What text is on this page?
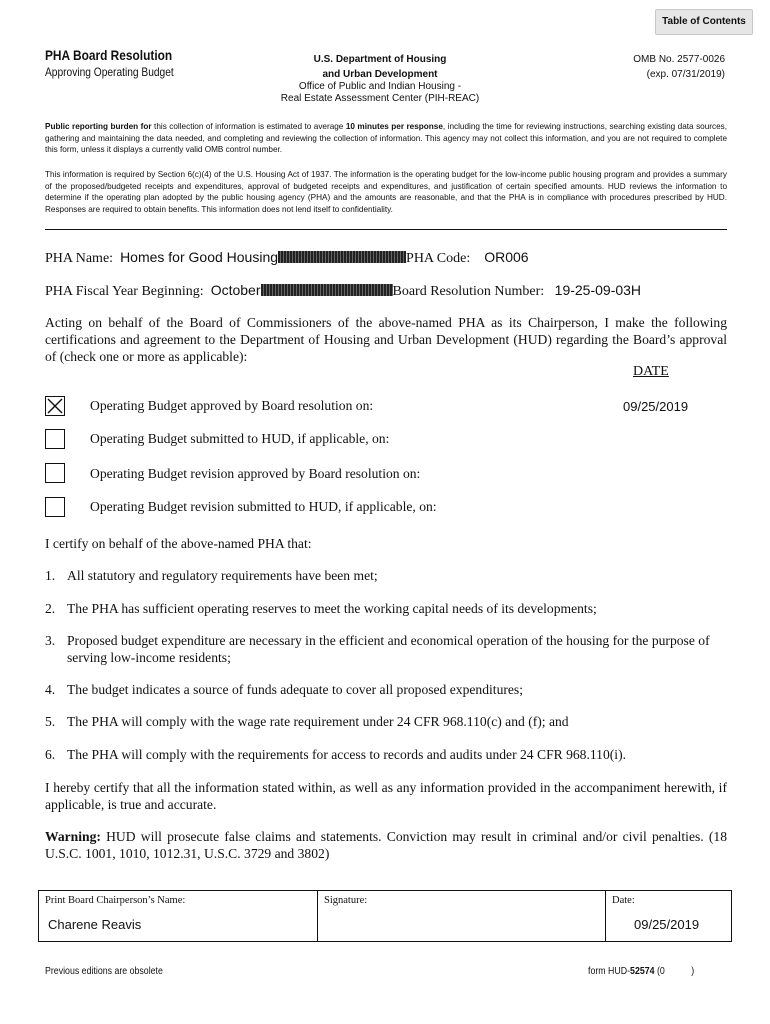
Table of Contents
PHA Board Resolution
Approving Operating Budget
U.S. Department of Housing
and Urban Development
Office of Public and Indian Housing -
Real Estate Assessment Center (PIH-REAC)
OMB No. 2577-0026
(exp. 07/31/2019)
Public reporting burden for this collection of information is estimated to average 10 minutes per response, including the time for reviewing instructions, searching existing data sources, gathering and maintaining the data needed, and completing and reviewing the collection of information. This agency may not collect this information, and you are not required to complete this form, unless it displays a currently valid OMB control number.
This information is required by Section 6(c)(4) of the U.S. Housing Act of 1937. The information is the operating budget for the low-income public housing program and provides a summary of the proposed/budgeted receipts and expenditures, approval of budgeted receipts and expenditures, and justification of certain specified amounts. HUD reviews the information to determine if the operating plan adopted by the public housing agency (PHA) and the amounts are reasonable, and that the PHA is in compliance with procedures prescribed by HUD. Responses are required to obtain benefits. This information does not lend itself to confidentiality.
PHA Name: Homes for Good Housing	PHA Code: OR006
PHA Fiscal Year Beginning: October	Board Resolution Number: 19-25-09-03H
Acting on behalf of the Board of Commissioners of the above-named PHA as its Chairperson, I make the following certifications and agreement to the Department of Housing and Urban Development (HUD) regarding the Board’s approval of (check one or more as applicable):
DATE
Operating Budget approved by Board resolution on:	09/25/2019
Operating Budget submitted to HUD, if applicable, on:
Operating Budget revision approved by Board resolution on:
Operating Budget revision submitted to HUD, if applicable, on:
I certify on behalf of the above-named PHA that:
1. All statutory and regulatory requirements have been met;
2. The PHA has sufficient operating reserves to meet the working capital needs of its developments;
3. Proposed budget expenditure are necessary in the efficient and economical operation of the housing for the purpose of serving low-income residents;
4. The budget indicates a source of funds adequate to cover all proposed expenditures;
5. The PHA will comply with the wage rate requirement under 24 CFR 968.110(c) and (f); and
6. The PHA will comply with the requirements for access to records and audits under 24 CFR 968.110(i).
I hereby certify that all the information stated within, as well as any information provided in the accompaniment herewith, if applicable, is true and accurate.
Warning: HUD will prosecute false claims and statements. Conviction may result in criminal and/or civil penalties. (18 U.S.C. 1001, 1010, 1012.31, U.S.C. 3729 and 3802)
Print Board Chairperson’s Name:
Charene Reavis
Signature:	Date:
09/25/2019
Previous editions are obsolete	form HUD-52574 (0	)
